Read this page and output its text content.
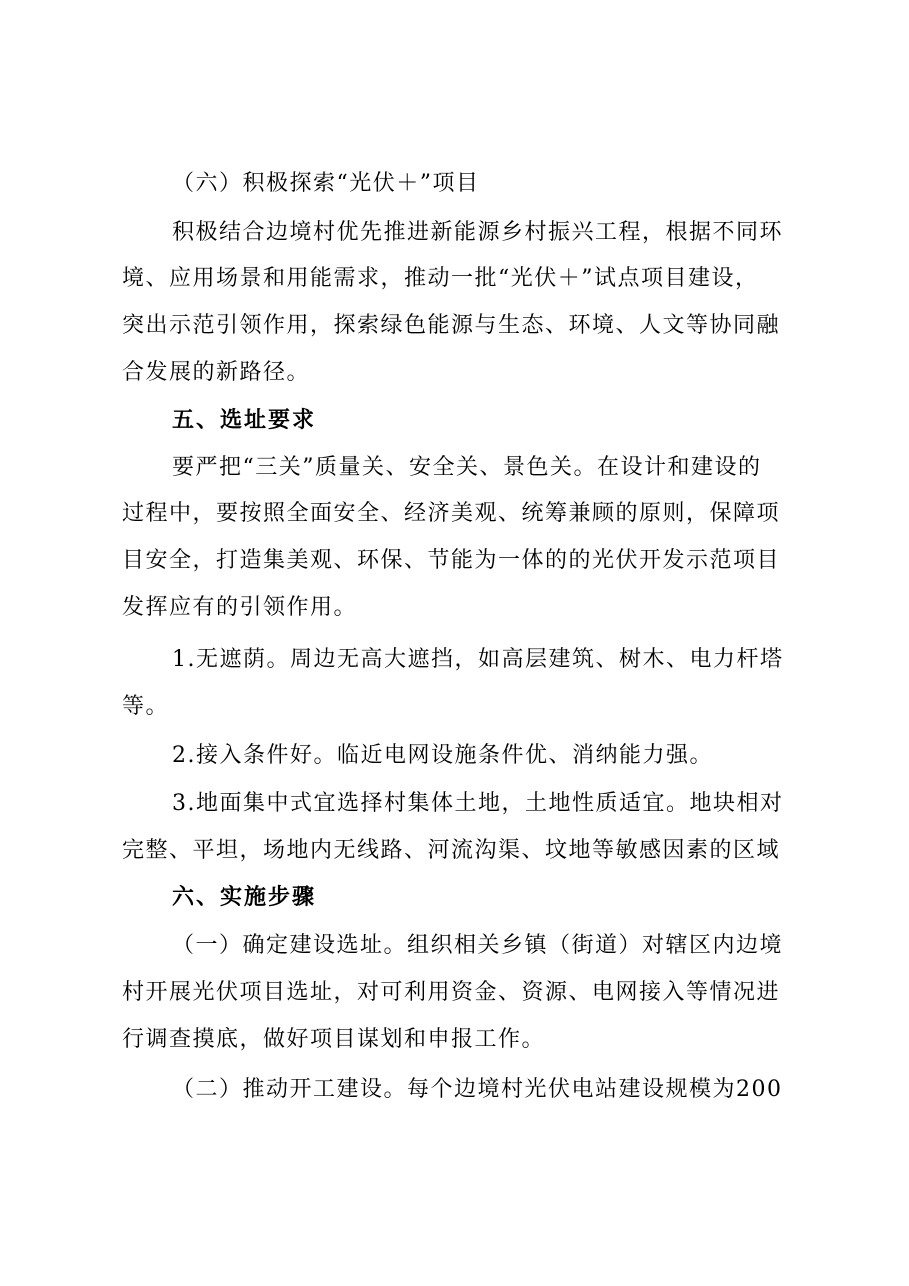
（六）积极探索“光伏＋”项目
积极结合边境村优先推进新能源乡村振兴工程，根据不同环
境、应用场景和用能需求，推动一批“光伏＋”试点项目建设，
突出示范引领作用，探索绿色能源与生态、环境、人文等协同融
合发展的新路径。
五、选址要求
要严把“三关”质量关、安全关、景色关。在设计和建设的
过程中，要按照全面安全、经济美观、统筹兼顾的原则，保障项
目安全，打造集美观、环保、节能为一体的的光伏开发示范项目
发挥应有的引领作用。
1.无遮荫。周边无高大遮挡，如高层建筑、树木、电力杆塔
等。
2.接入条件好。临近电网设施条件优、消纳能力强。
3.地面集中式宜选择村集体土地，土地性质适宜。地块相对
完整、平坦，场地内无线路、河流沟渠、坟地等敏感因素的区域
六、实施步骤
（一）确定建设选址。组织相关乡镇（街道）对辖区内边境
村开展光伏项目选址，对可利用资金、资源、电网接入等情况进
行调查摸底，做好项目谋划和申报工作。
（二）推动开工建设。每个边境村光伏电站建设规模为200
